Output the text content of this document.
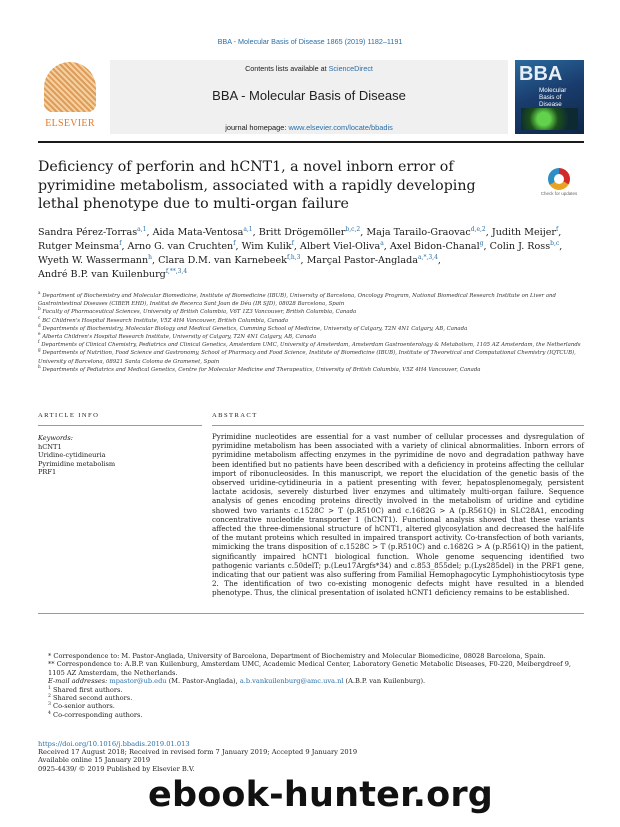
BBA - Molecular Basis of Disease 1865 (2019) 1182–1191
ELSEVIER
Contents lists available at ScienceDirect
BBA - Molecular Basis of Disease
journal homepage: www.elsevier.com/locate/bbadis
BBA
Molecular Basis of Disease
Deficiency of perforin and hCNT1, a novel inborn error of pyrimidine metabolism, associated with a rapidly developing lethal phenotype due to multi-organ failure
Check for updates
Sandra Pérez-Torras$^{a,1}$, Aida Mata-Ventosa$^{a,1}$, Britt Drögemöller$^{b,c,2}$, Maja Tarailo-Graovac$^{d,e,2}$, Judith Meijer$^f$, Rutger Meinsma$^f$, Arno G. van Cruchten$^f$, Wim Kulik$^f$, Albert Viel-Oliva$^a$, Axel Bidon-Chanal$^g$, Colin J. Ross$^{b,c}$, Wyeth W. Wassermann$^h$, Clara D.M. van Karnebeek$^{f,h,3}$, Marçal Pastor-Anglada$^{a,*,3,4}$, André B.P. van Kuilenburg$^{f,**,3,4}$
$^a$ Department of Biochemistry and Molecular Biomedicine, Institute of Biomedicine (IBUB), University of Barcelona, Oncology Program, National Biomedical Research Institute on Liver and Gastrointestinal Diseases (CIBER EHD), Institut de Recerca Sant Joan de Déu (IR SJD), 08028 Barcelona, Spain
$^b$ Faculty of Pharmaceutical Sciences, University of British Columbia, V6T 1Z3 Vancouver, British Columbia, Canada
$^c$ BC Children's Hospital Research Institute, V5Z 4H4 Vancouver, British Columbia, Canada
$^d$ Departments of Biochemistry, Molecular Biology and Medical Genetics, Cumming School of Medicine, University of Calgary, T2N 4N1 Calgary, AB, Canada
$^e$ Alberta Children's Hospital Research Institute, University of Calgary, T2N 4N1 Calgary, AB, Canada
$^f$ Departments of Clinical Chemistry, Pediatrics and Clinical Genetics, Amsterdam UMC, University of Amsterdam, Amsterdam Gastroenterology & Metabolism, 1105 AZ Amsterdam, the Netherlands
$^g$ Departments of Nutrition, Food Science and Gastronomy, School of Pharmacy and Food Science, Institute of Biomedicine (IBUB), Institute of Theoretical and Computational Chemistry (IQTCUB), University of Barcelona, 08921 Santa Coloma de Gramenet, Spain
$^h$ Departments of Pediatrics and Medical Genetics, Centre for Molecular Medicine and Therapeutics, University of British Columbia, V5Z 4H4 Vancouver, Canada
ARTICLE INFO	ABSTRACT
Keywords:
hCNT1
Uridine-cytidineuria
Pyrimidine metabolism
PRF1
Pyrimidine nucleotides are essential for a vast number of cellular processes and dysregulation of pyrimidine metabolism has been associated with a variety of clinical abnormalities. Inborn errors of pyrimidine metabolism affecting enzymes in the pyrimidine de novo and degradation pathway have been identified but no patients have been described with a deficiency in proteins affecting the cellular import of ribonucleosides. In this manuscript, we report the elucidation of the genetic basis of the observed uridine-cytidineuria in a patient presenting with fever, hepatosplenomegaly, persistent lactate acidosis, severely disturbed liver enzymes and ultimately multi-organ failure. Sequence analysis of genes encoding proteins directly involved in the metabolism of uridine and cytidine showed two variants c.1528C > T (p.R510C) and c.1682G > A (p.R561Q) in SLC28A1, encoding concentrative nucleotide transporter 1 (hCNT1). Functional analysis showed that these variants affected the three-dimensional structure of hCNT1, altered glycosylation and decreased the half-life of the mutant proteins which resulted in impaired transport activity. Co-transfection of both variants, mimicking the trans disposition of c.1528C > T (p.R510C) and c.1682G > A (p.R561Q) in the patient, significantly impaired hCNT1 biological function. Whole genome sequencing identified two pathogenic variants c.50delT; p.(Leu17Argfs*34) and c.853_855del; p.(Lys285del) in the PRF1 gene, indicating that our patient was also suffering from Familial Hemophagocytic Lymphohistiocytosis type 2. The identification of two co-existing monogenic defects might have resulted in a blended phenotype. Thus, the clinical presentation of isolated hCNT1 deficiency remains to be established.
* Correspondence to: M. Pastor-Anglada, University of Barcelona, Department of Biochemistry and Molecular Biomedicine, 08028 Barcelona, Spain.
** Correspondence to: A.B.P. van Kuilenburg, Amsterdam UMC, Academic Medical Center, Laboratory Genetic Metabolic Diseases, F0-220, Meibergdreef 9, 1105 AZ Amsterdam, the Netherlands.
E-mail addresses: mpastor@ub.edu (M. Pastor-Anglada), a.b.vankuilenburg@amc.uva.nl (A.B.P. van Kuilenburg).
$^1$ Shared first authors.
$^2$ Shared second authors.
$^3$ Co-senior authors.
$^4$ Co-corresponding authors.
https://doi.org/10.1016/j.bbadis.2019.01.013
Received 17 August 2018; Received in revised form 7 January 2019; Accepted 9 January 2019
Available online 15 January 2019
0925-4439/ © 2019 Published by Elsevier B.V.
ebook-hunter.org
